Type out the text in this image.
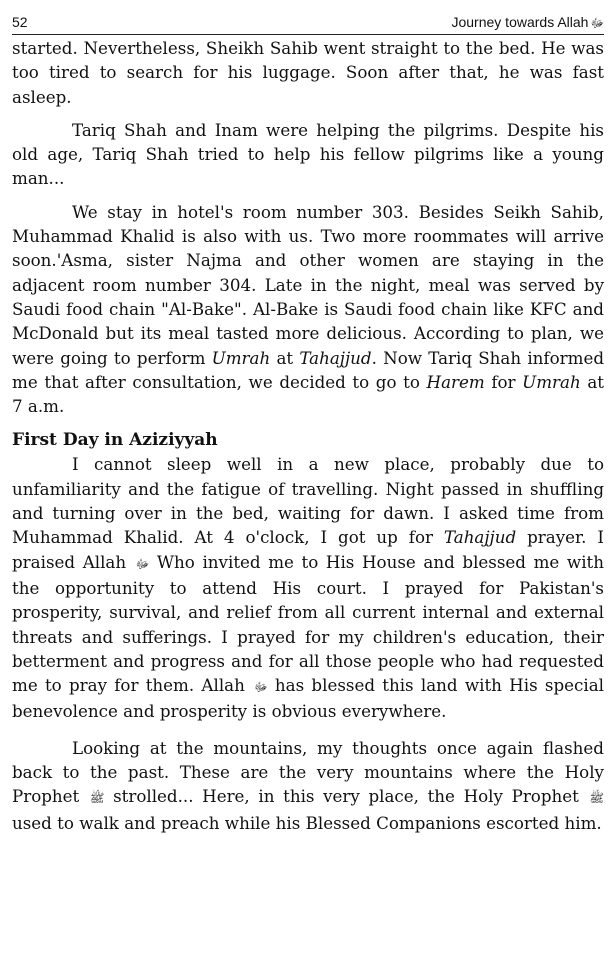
52	Journey towards Allah ﷻ

started. Nevertheless, Sheikh Sahib went straight to the bed. He was too tired to search for his luggage. Soon after that, he was fast asleep.

Tariq Shah and Inam were helping the pilgrims. Despite his old age, Tariq Shah tried to help his fellow pilgrims like a young man...

We stay in hotel's room number 303. Besides Seikh Sahib, Muhammad Khalid is also with us. Two more roommates will arrive soon.'Asma, sister Najma and other women are staying in the adjacent room number 304. Late in the night, meal was served by Saudi food chain "Al-Bake". Al-Bake is Saudi food chain like KFC and McDonald but its meal tasted more delicious. According to plan, we were going to perform Umrah at Tahajjud. Now Tariq Shah informed me that after consultation, we decided to go to Harem for Umrah at 7 a.m.

First Day in Aziziyyah

I cannot sleep well in a new place, probably due to unfamiliarity and the fatigue of travelling. Night passed in shuffling and turning over in the bed, waiting for dawn. I asked time from Muhammad Khalid. At 4 o'clock, I got up for Tahajjud prayer. I praised Allah ﷻ Who invited me to His House and blessed me with the opportunity to attend His court. I prayed for Pakistan's prosperity, survival, and relief from all current internal and external threats and sufferings. I prayed for my children's education, their betterment and progress and for all those people who had requested me to pray for them. Allah ﷻ has blessed this land with His special benevolence and prosperity is obvious everywhere.

Looking at the mountains, my thoughts once again flashed back to the past. These are the very mountains where the Holy Prophet ﷺ strolled... Here, in this very place, the Holy Prophet ﷺ used to walk and preach while his Blessed Companions escorted him.
